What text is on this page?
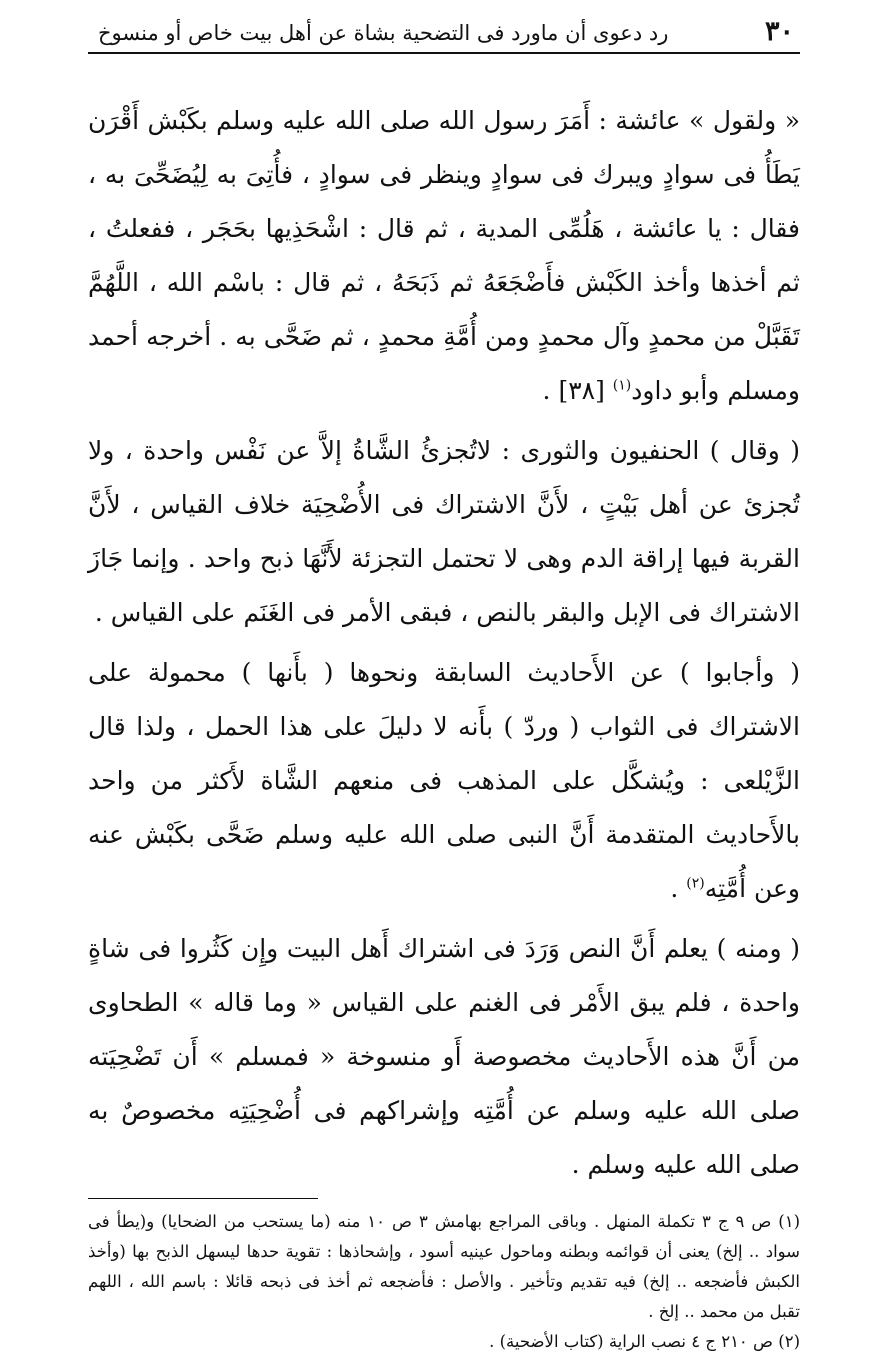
٣٠
رد دعوى أن ماورد فى التضحية بشاة عن أهل بيت خاص أو منسوخ

« ولقول » عائشة : أَمَرَ رسول الله صلى الله عليه وسلم بكَبْش أَقْرَن يَطَأُ فى سوادٍ ويبرك فى سوادٍ وينظر فى سوادٍ ، فأُتِىَ به لِيُضَحِّىَ به ، فقال : يا عائشة ، هَلُمِّى المدية ، ثم قال : اشْحَذِيها بحَجَر ، ففعلتُ ، ثم أخذها وأخذ الكَبْش فأَضْجَعَهُ ثم ذَبَحَهُ ، ثم قال : باسْم الله ، اللَّهُمَّ تَقَبَّلْ من محمدٍ وآل محمدٍ ومن أُمَّةِ محمدٍ ، ثم ضَحَّى به . أخرجه أحمد ومسلم وأبو داود$^{(١)}$ [٣٨] .

( وقال ) الحنفيون والثورى : لاتُجزئُ الشَّاةُ إلاَّ عن نَفْس واحدة ، ولا تُجزئ عن أهل بَيْتٍ ، لأَنَّ الاشتراك فى الأُضْحِيَة خلاف القياس ، لأَنَّ القربة فيها إراقة الدم وهى لا تحتمل التجزئة لأَنَّهَا ذبح واحد . وإنما جَازَ الاشتراك فى الإبل والبقر بالنص ، فبقى الأمر فى الغَنَم على القياس .

( وأجابوا ) عن الأَحاديث السابقة ونحوها ( بأَنها ) محمولة على الاشتراك فى الثواب ( وردّ ) بأَنه لا دليلَ على هذا الحمل ، ولذا قال الزَّيْلعى : ويُشكَّل على المذهب فى منعهم الشَّاة لأَكثر من واحد بالأَحاديث المتقدمة أَنَّ النبى صلى الله عليه وسلم ضَحَّى بكَبْش عنه وعن أُمَّتِه$^{(٢)}$ .

( ومنه ) يعلم أَنَّ النص وَرَدَ فى اشتراك أَهل البيت وإِن كَثُروا فى شاةٍ واحدة ، فلم يبق الأَمْر فى الغنم على القياس « وما قاله » الطحاوى من أَنَّ هذه الأَحاديث مخصوصة أَو منسوخة « فمسلم » أَن تَضْحِيَته صلى الله عليه وسلم عن أُمَّتِه وإشراكهم فى أُضْحِيَتِه مخصوصٌ به صلى الله عليه وسلم .

(١) ص ٩ ج ٣ تكملة المنهل . وباقى المراجع بهامش ٣ ص ١٠ منه (ما يستحب من الضحايا) و(يطأ فى سواد .. إلخ) يعنى أن قوائمه وبطنه وماحول عينيه أسود ، وإشحاذها : تقوية حدها ليسهل الذبح بها (وأخذ الكبش فأضجعه .. إلخ) فيه تقديم وتأخير . والأصل : فأضجعه ثم أخذ فى ذبحه قائلا : باسم الله ، اللهم تقبل من محمد .. إلخ .

(٢) ص ٢١٠ ج ٤ نصب الراية (كتاب الأضحية) .
